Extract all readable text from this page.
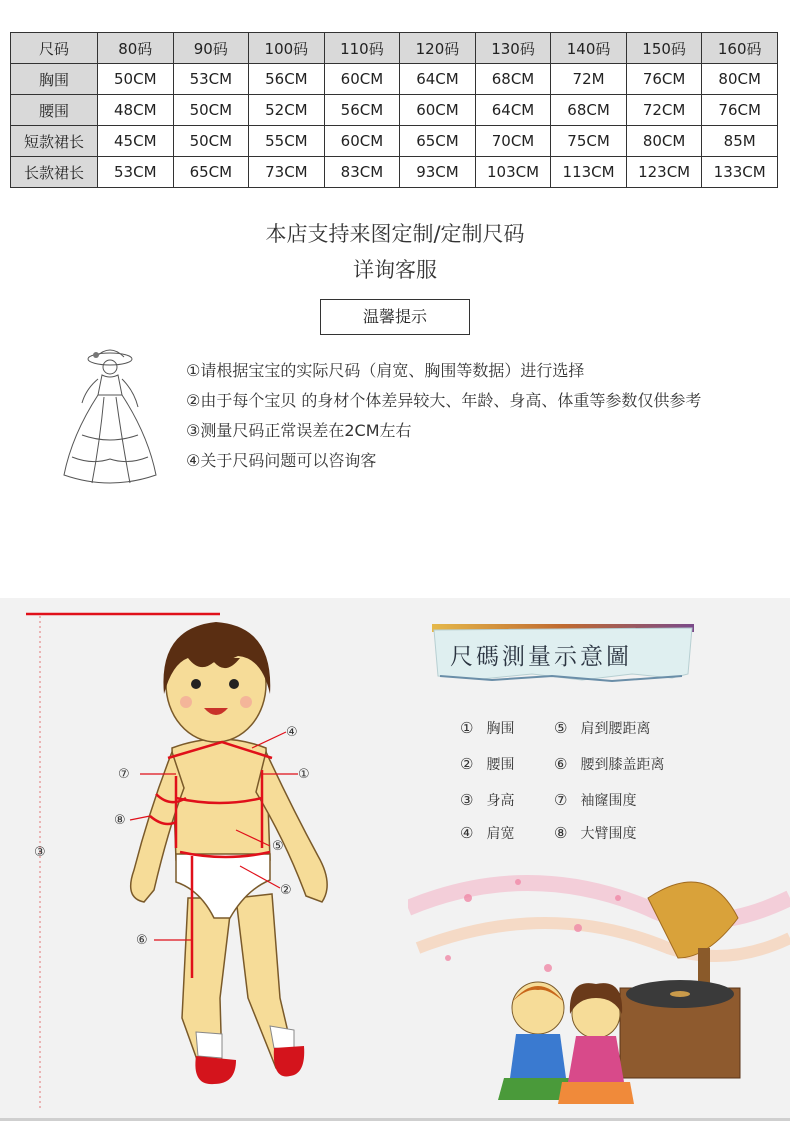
尺码	80码	90码	100码	110码	120码	130码	140码	150码	160码
胸围	50CM	53CM	56CM	60CM	64CM	68CM	72M	76CM	80CM
腰围	48CM	50CM	52CM	56CM	60CM	64CM	68CM	72CM	76CM
短款裙长	45CM	50CM	55CM	60CM	65CM	70CM	75CM	80CM	85M
长款裙长	53CM	65CM	73CM	83CM	93CM	103CM	113CM	123CM	133CM
本店支持来图定制/定制尺码
详询客服
温馨提示
①请根据宝宝的实际尺码（肩宽、胸围等数据）进行选择
②由于每个宝贝 的身材个体差异较大、年龄、身高、体重等参数仅供参考
③测量尺码正常误差在2CM左右
④关于尺码问题可以咨询客
④
⑦	①
⑧
⑤
③
②
⑥
尺碼測量示意圖
① 胸围	⑤ 肩到腰距离
② 腰围	⑥ 腰到膝盖距离
③ 身高	⑦ 袖窿围度
④ 肩宽	⑧ 大臂围度
